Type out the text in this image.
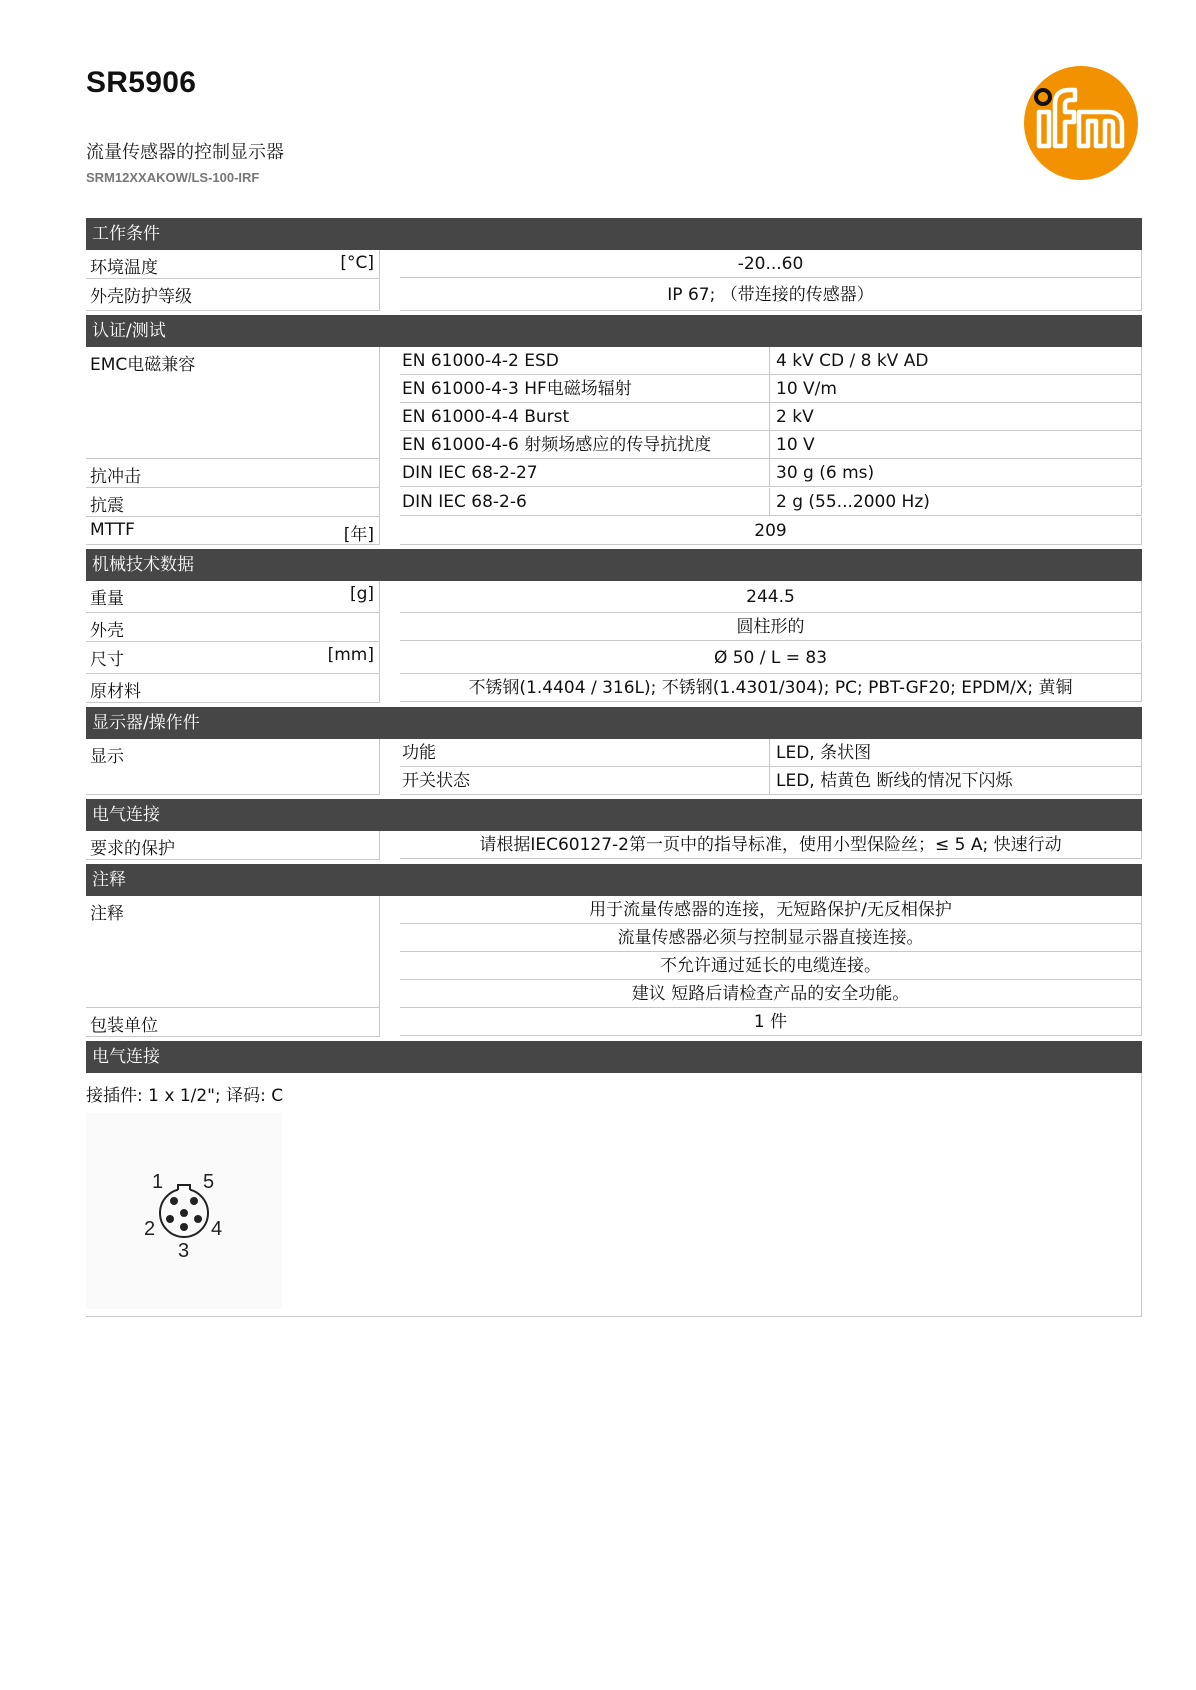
SR5906
流量传感器的控制显示器
SRM12XXAKOW/LS-100-IRF	ifm
工作条件
环境温度	[°C]	-20...60
外壳防护等级	IP 67; （带连接的传感器）
认证/测试
EMC电磁兼容	EN 61000-4-2 ESD	4 kV CD / 8 kV AD
EN 61000-4-3 HF电磁场辐射	10 V/m
EN 61000-4-4 Burst	2 kV
EN 61000-4-6 射频场感应的传导抗扰度	10 V
抗冲击	DIN IEC 68-2-27	30 g (6 ms)
抗震	DIN IEC 68-2-6	2 g (55...2000 Hz)
MTTF	[年]	209
机械技术数据
重量	[g]	244.5
外壳	圆柱形的
尺寸	[mm]	Ø 50 / L = 83
原材料	不锈钢(1.4404 / 316L); 不锈钢(1.4301/304); PC; PBT-GF20; EPDM/X; 黄铜
显示器/操作件
显示	功能	LED, 条状图
开关状态	LED, 桔黄色 断线的情况下闪烁
电气连接
要求的保护	请根据IEC60127-2第一页中的指导标准，使用小型保险丝；≤ 5 A; 快速行动
注释
注释	用于流量传感器的连接，无短路保护/无反相保护
流量传感器必须与控制显示器直接连接。
不允许通过延长的电缆连接。
建议 短路后请检查产品的安全功能。
包装单位	1 件
电气连接
接插件: 1 x 1/2"; 译码: C
1
2
3
4
5
